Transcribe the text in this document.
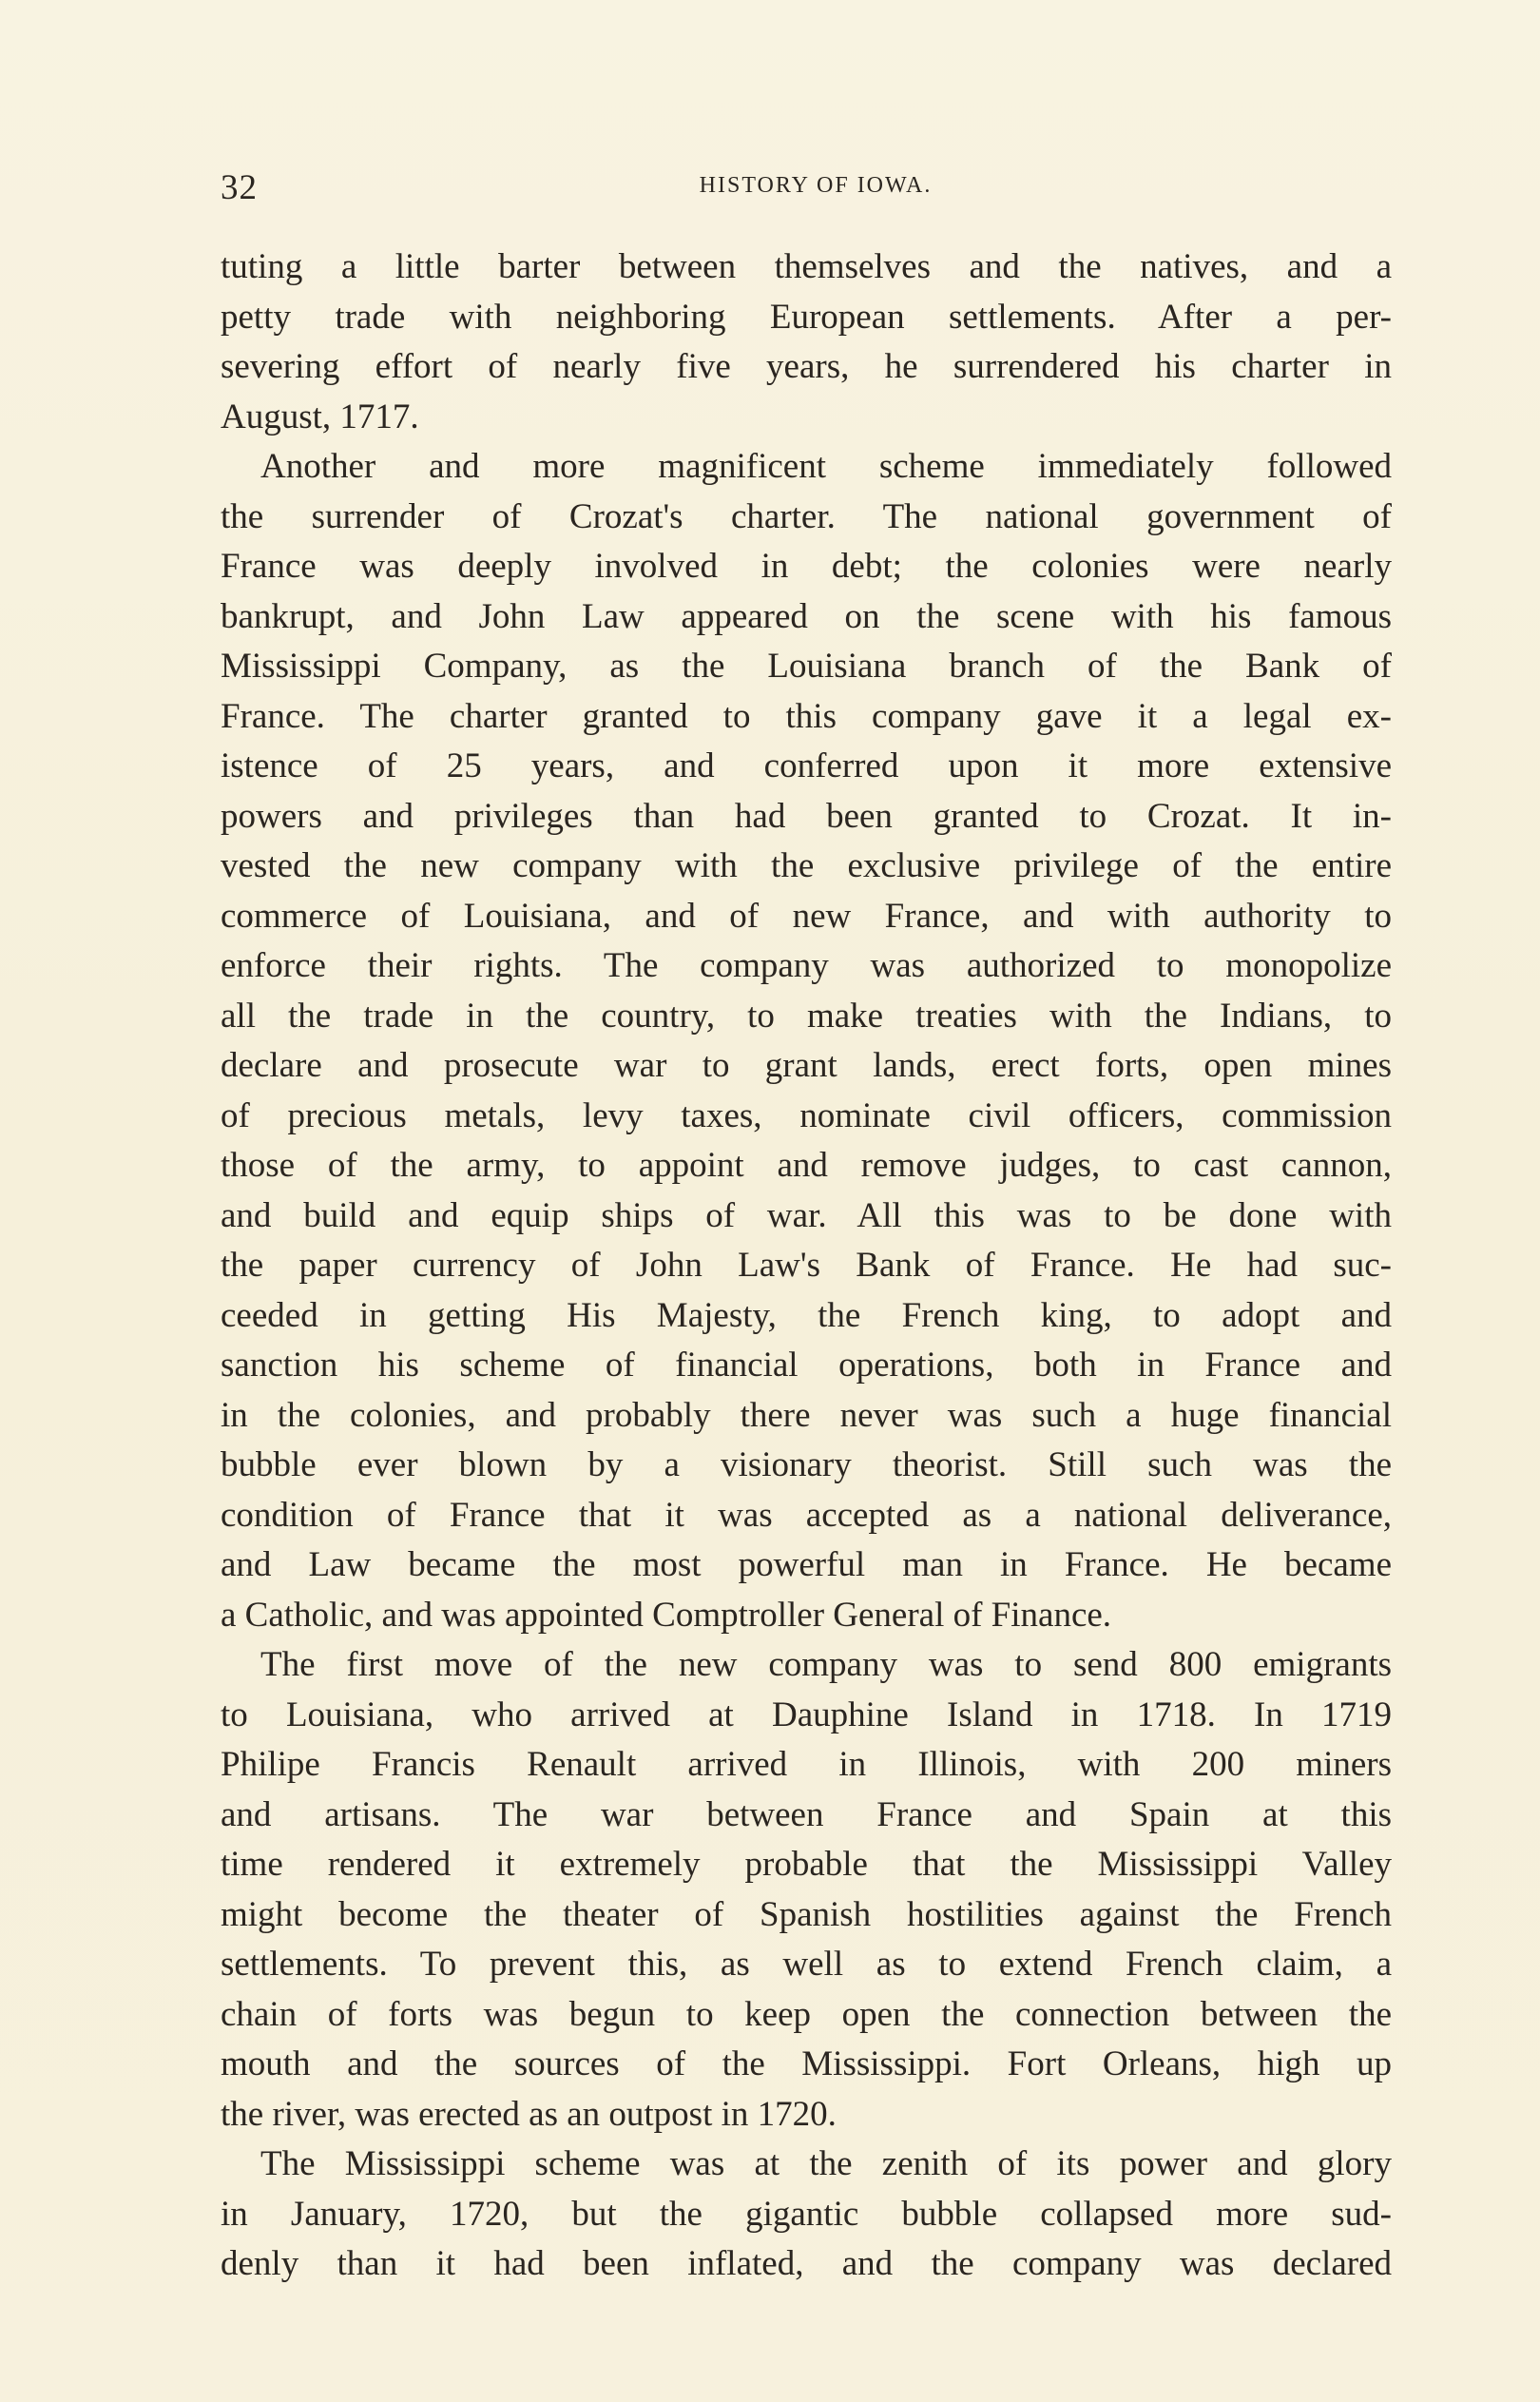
32	HISTORY OF IOWA.
tuting a little barter between themselves and the natives, and a
petty trade with neighboring European settlements. After a per-
severing effort of nearly five years, he surrendered his charter in
August, 1717.
Another and more magnificent scheme immediately followed
the surrender of Crozat's charter. The national government of
France was deeply involved in debt; the colonies were nearly
bankrupt, and John Law appeared on the scene with his famous
Mississippi Company, as the Louisiana branch of the Bank of
France. The charter granted to this company gave it a legal ex-
istence of 25 years, and conferred upon it more extensive
powers and privileges than had been granted to Crozat. It in-
vested the new company with the exclusive privilege of the entire
commerce of Louisiana, and of new France, and with authority to
enforce their rights. The company was authorized to monopolize
all the trade in the country, to make treaties with the Indians, to
declare and prosecute war to grant lands, erect forts, open mines
of precious metals, levy taxes, nominate civil officers, commission
those of the army, to appoint and remove judges, to cast cannon,
and build and equip ships of war. All this was to be done with
the paper currency of John Law's Bank of France. He had suc-
ceeded in getting His Majesty, the French king, to adopt and
sanction his scheme of financial operations, both in France and
in the colonies, and probably there never was such a huge financial
bubble ever blown by a visionary theorist. Still such was the
condition of France that it was accepted as a national deliverance,
and Law became the most powerful man in France. He became
a Catholic, and was appointed Comptroller General of Finance.
The first move of the new company was to send 800 emigrants
to Louisiana, who arrived at Dauphine Island in 1718. In 1719
Philipe Francis Renault arrived in Illinois, with 200 miners
and artisans. The war between France and Spain at this
time rendered it extremely probable that the Mississippi Valley
might become the theater of Spanish hostilities against the French
settlements. To prevent this, as well as to extend French claim, a
chain of forts was begun to keep open the connection between the
mouth and the sources of the Mississippi. Fort Orleans, high up
the river, was erected as an outpost in 1720.
The Mississippi scheme was at the zenith of its power and glory
in January, 1720, but the gigantic bubble collapsed more sud-
denly than it had been inflated, and the company was declared
